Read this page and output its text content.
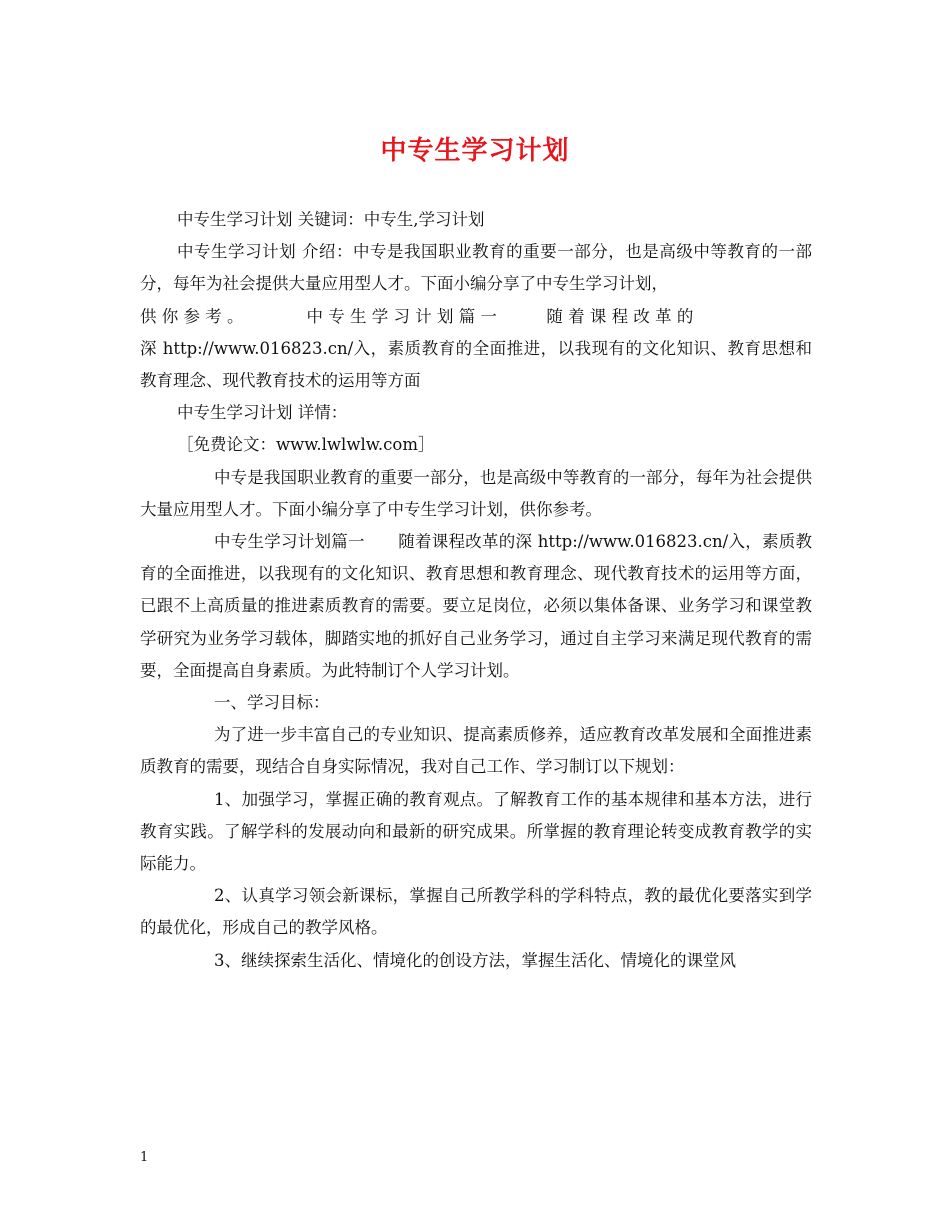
中专生学习计划

中专生学习计划 关键词：中专生,学习计划

中专生学习计划 介绍：中专是我国职业教育的重要一部分，也是高级中等教育的一部分，每年为社会提供大量应用型人才。下面小编分享了中专生学习计划，

供 你 参 考 。　　　　 中 专 生 学 习 计 划 篇 一　　　随 着 课 程 改 革 的

深 http://www.016823.cn/入，素质教育的全面推进，以我现有的文化知识、教育思想和教育理念、现代教育技术的运用等方面

中专生学习计划 详情：

［免费论文：www.lwlwlw.com］

中专是我国职业教育的重要一部分，也是高级中等教育的一部分，每年为社会提供大量应用型人才。下面小编分享了中专生学习计划，供你参考。

中专生学习计划篇一　　随着课程改革的深 http://www.016823.cn/入，素质教育的全面推进，以我现有的文化知识、教育思想和教育理念、现代教育技术的运用等方面，已跟不上高质量的推进素质教育的需要。要立足岗位，必须以集体备课、业务学习和课堂教学研究为业务学习载体，脚踏实地的抓好自己业务学习，通过自主学习来满足现代教育的需要，全面提高自身素质。为此特制订个人学习计划。

一、学习目标：

为了进一步丰富自己的专业知识、提高素质修养，适应教育改革发展和全面推进素质教育的需要，现结合自身实际情况，我对自己工作、学习制订以下规划：

1、加强学习，掌握正确的教育观点。了解教育工作的基本规律和基本方法，进行教育实践。了解学科的发展动向和最新的研究成果。所掌握的教育理论转变成教育教学的实际能力。

2、认真学习领会新课标，掌握自己所教学科的学科特点，教的最优化要落实到学的最优化，形成自己的教学风格。

3、继续探索生活化、情境化的创设方法，掌握生活化、情境化的课堂风

1
